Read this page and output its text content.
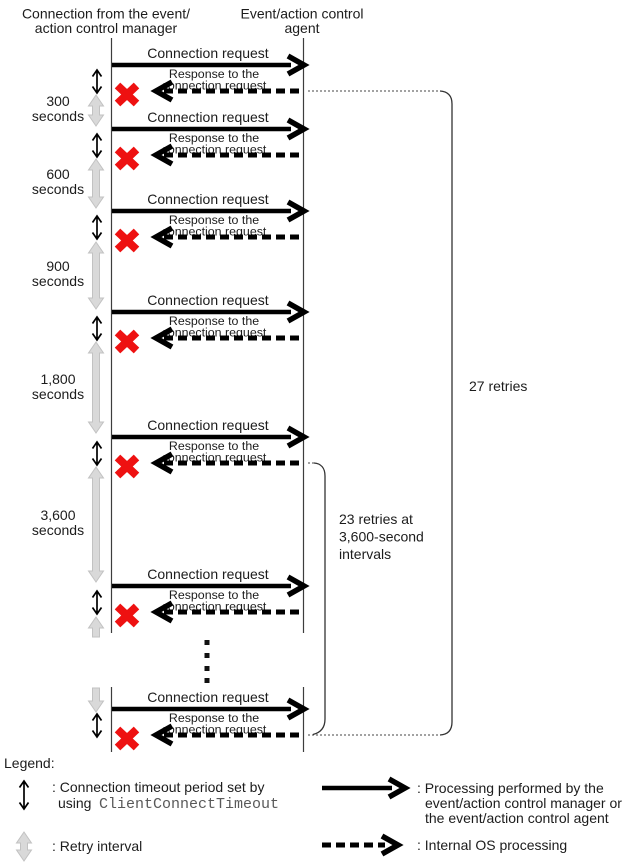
Connection from the event/
action control manager
Event/action control
agent
Connection request
Response to the
connection request
Connection request
Response to the
connection request
Connection request
Response to the
connection request
Connection request
Response to the
connection request
Connection request
Response to the
connection request
Connection request
Response to the
connection request
Connection request
Response to the
connection request
300
seconds
600
seconds
900
seconds
1,800
seconds
3,600
seconds
27 retries
23 retries at
3,600-second
intervals
Legend:
: Connection timeout period set by
using ClientConnectTimeout
: Retry interval
: Processing performed by the
event/action control manager or
the event/action control agent
: Internal OS processing
